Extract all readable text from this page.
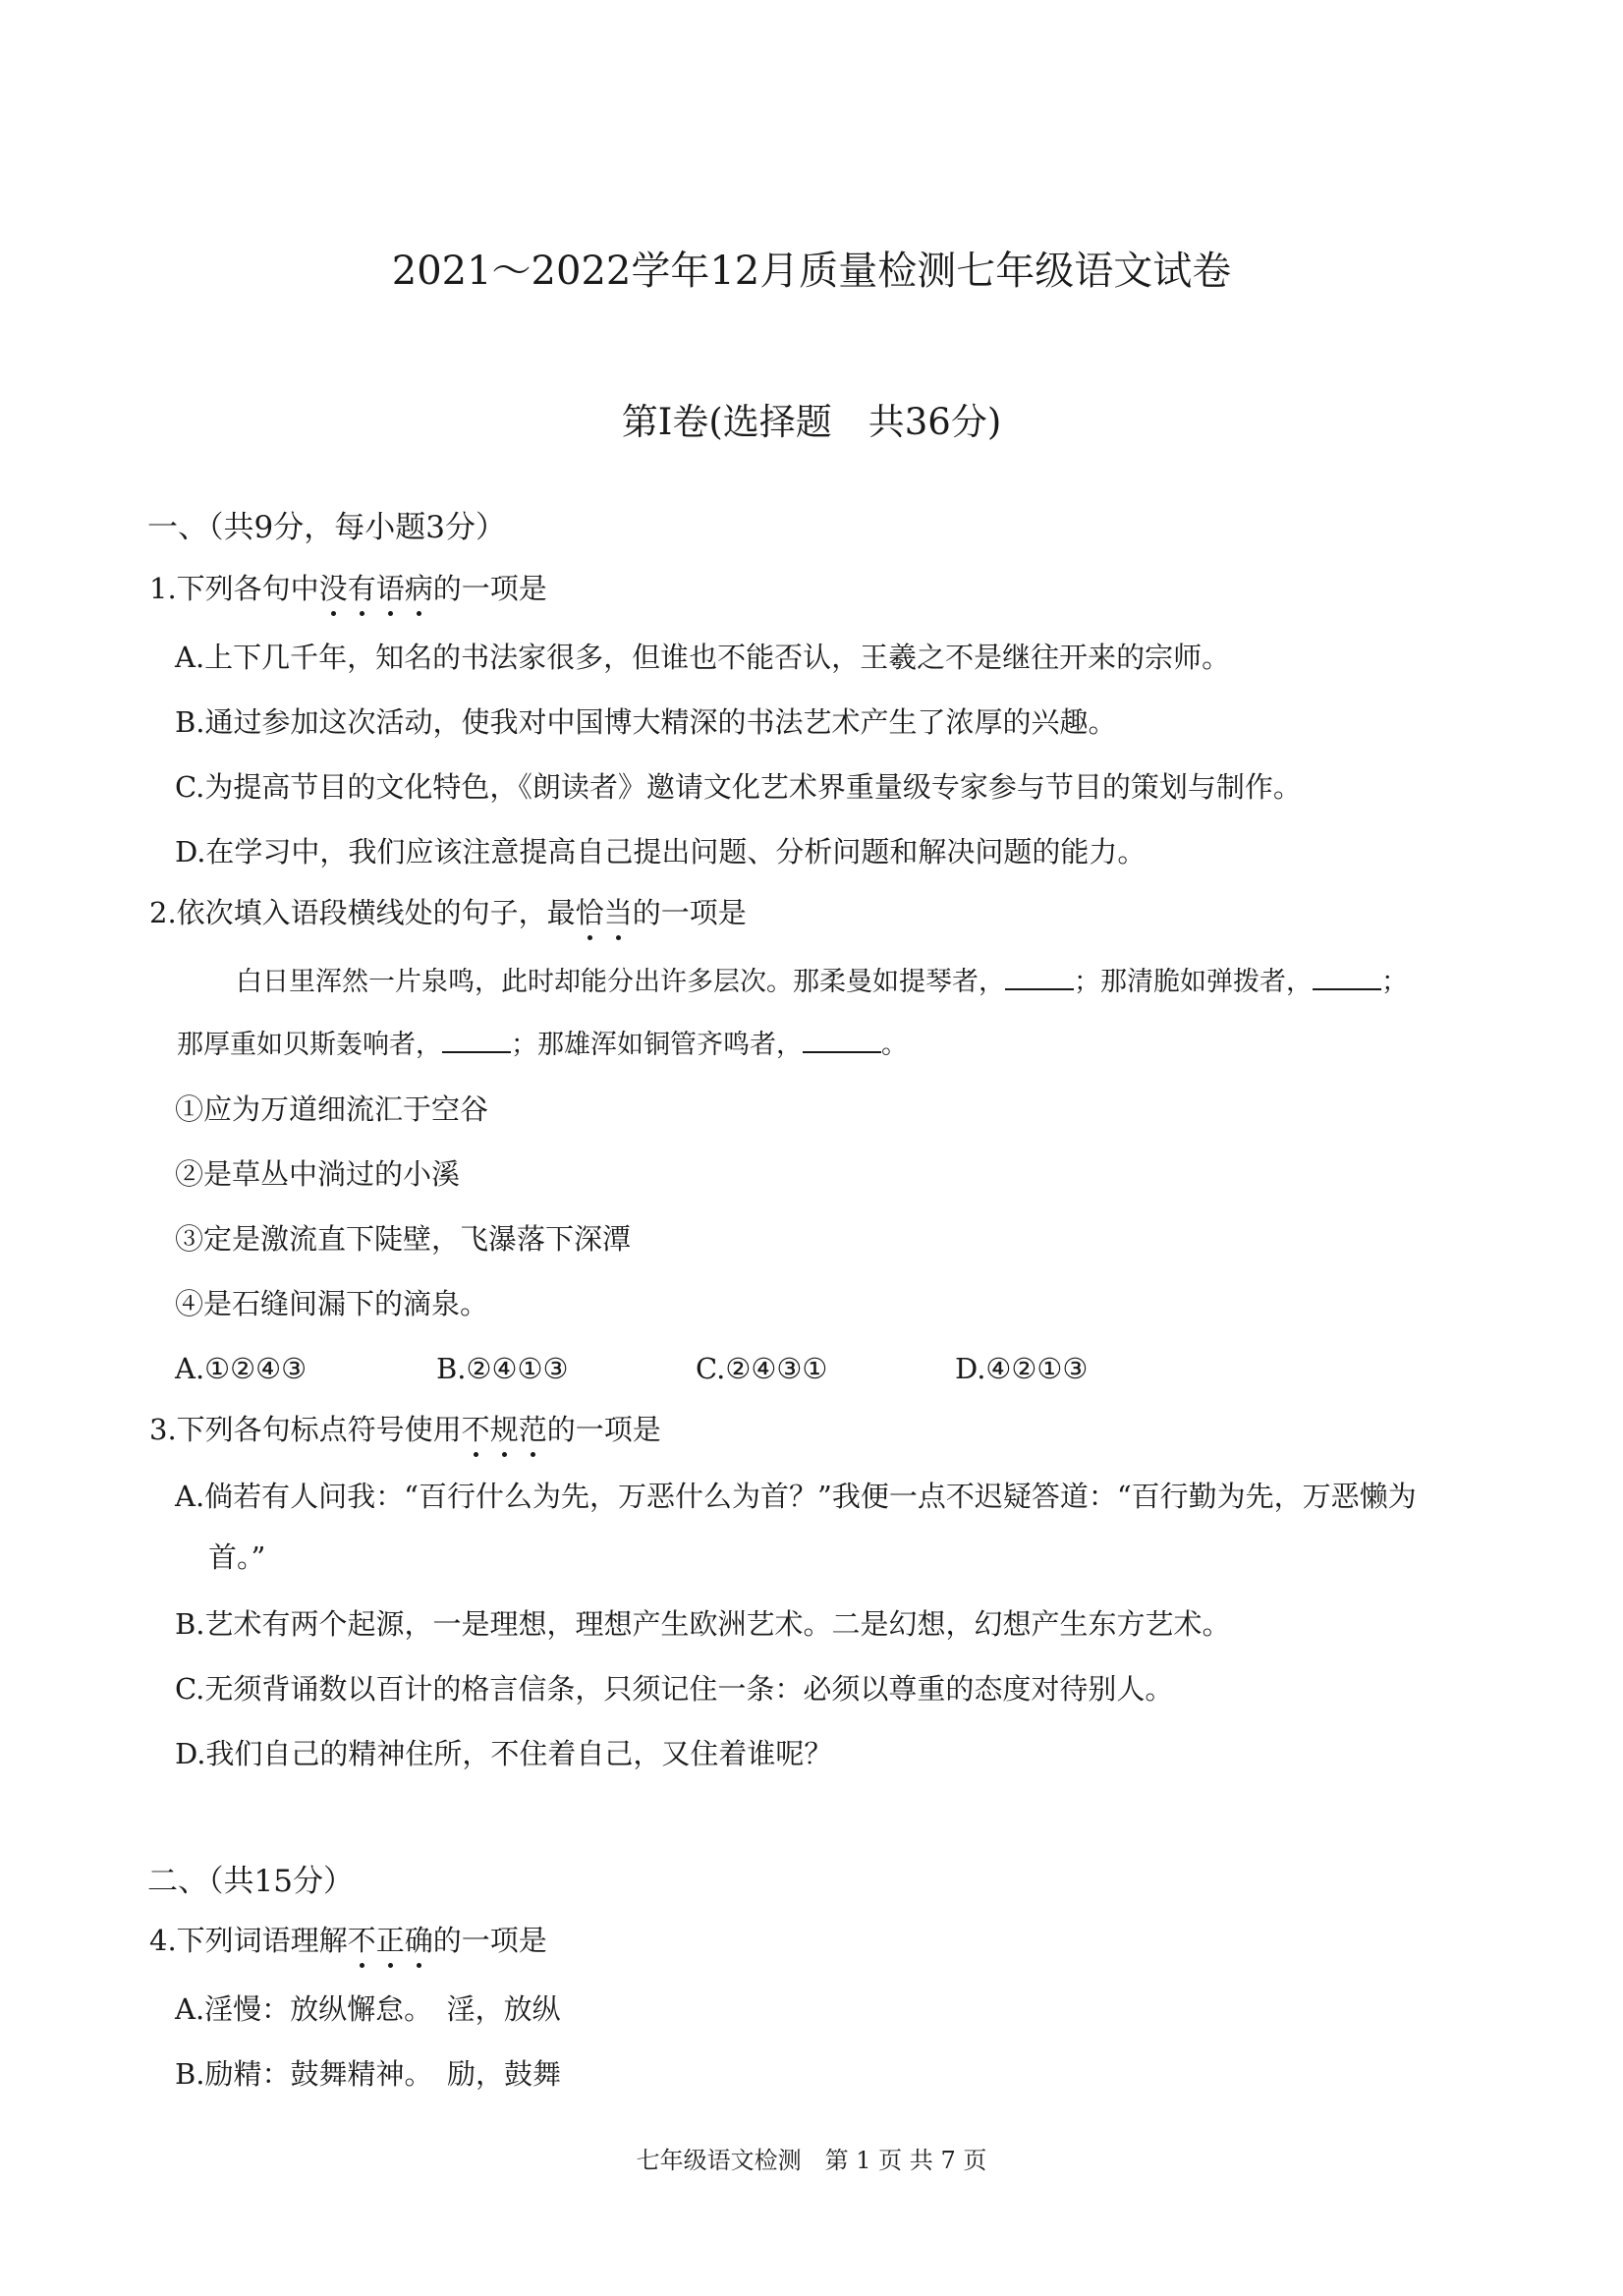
2021～2022学年12月质量检测七年级语文试卷
第Ⅰ卷(选择题　共36分)
一、（共9分，每小题3分）
1.下列各句中没有语病的一项是
A.上下几千年，知名的书法家很多，但谁也不能否认，王羲之不是继往开来的宗师。
B.通过参加这次活动，使我对中国博大精深的书法艺术产生了浓厚的兴趣。
C.为提高节目的文化特色，《朗读者》邀请文化艺术界重量级专家参与节目的策划与制作。
D.在学习中，我们应该注意提高自己提出问题、分析问题和解决问题的能力。
2.依次填入语段横线处的句子，最恰当的一项是
白日里浑然一片泉鸣，此时却能分出许多层次。那柔曼如提琴者，	；那清脆如弹拨者，	；
那厚重如贝斯轰响者，	；那雄浑如铜管齐鸣者，	。
①应为万道细流汇于空谷
②是草丛中淌过的小溪
③定是激流直下陡壁，飞瀑落下深潭
④是石缝间漏下的滴泉。
A.①②④③	B.②④①③	C.②④③①	D.④②①③
3.下列各句标点符号使用不规范的一项是
A.倘若有人问我：“百行什么为先，万恶什么为首？”我便一点不迟疑答道：“百行勤为先，万恶懒为
首。”
B.艺术有两个起源，一是理想，理想产生欧洲艺术。二是幻想，幻想产生东方艺术。
C.无须背诵数以百计的格言信条，只须记住一条：必须以尊重的态度对待别人。
D.我们自己的精神住所，不住着自己，又住着谁呢？
二、（共15分）
4.下列词语理解不正确的一项是
A.淫慢：放纵懈怠。　淫，放纵
B.励精：鼓舞精神。　励，鼓舞
七年级语文检测　第 1 页 共 7 页
